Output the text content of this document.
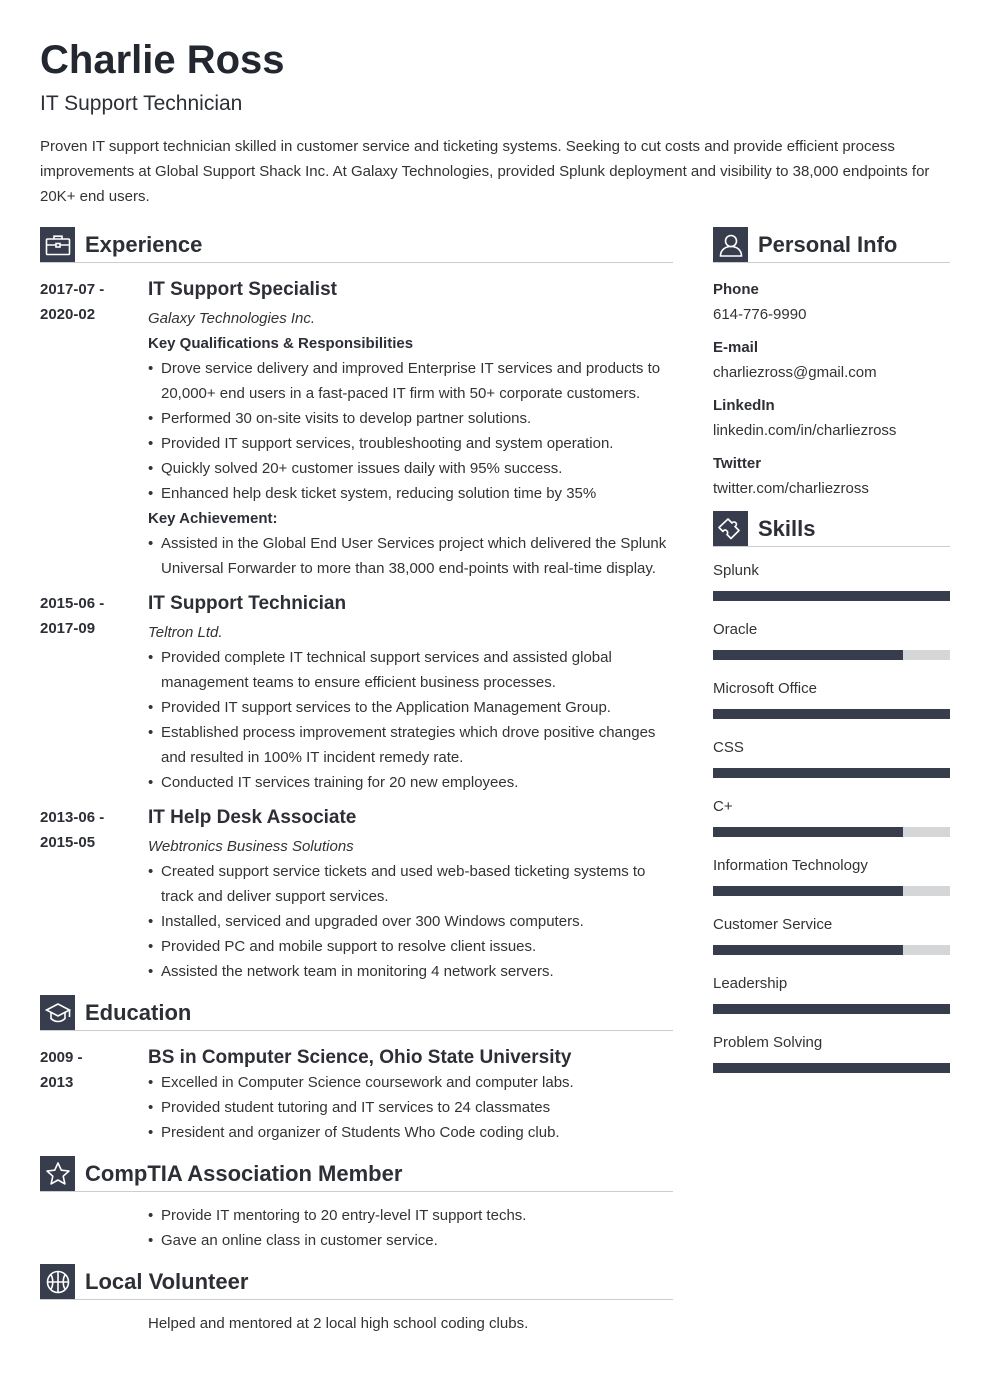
Charlie Ross
IT Support Technician
Proven IT support technician skilled in customer service and ticketing systems. Seeking to cut costs and provide efficient process improvements at Global Support Shack Inc. At Galaxy Technologies, provided Splunk deployment and visibility to 38,000 endpoints for 20K+ end users.
Experience
2017-07 -
2020-02
IT Support Specialist
Galaxy Technologies Inc.
Key Qualifications & Responsibilities
• Drove service delivery and improved Enterprise IT services and products to 20,000+ end users in a fast-paced IT firm with 50+ corporate customers.
• Performed 30 on-site visits to develop partner solutions.
• Provided IT support services, troubleshooting and system operation.
• Quickly solved 20+ customer issues daily with 95% success.
• Enhanced help desk ticket system, reducing solution time by 35%
Key Achievement:
• Assisted in the Global End User Services project which delivered the Splunk Universal Forwarder to more than 38,000 end-points with real-time display.
2015-06 -
2017-09
IT Support Technician
Teltron Ltd.
• Provided complete IT technical support services and assisted global management teams to ensure efficient business processes.
• Provided IT support services to the Application Management Group.
• Established process improvement strategies which drove positive changes and resulted in 100% IT incident remedy rate.
• Conducted IT services training for 20 new employees.
2013-06 -
2015-05
IT Help Desk Associate
Webtronics Business Solutions
• Created support service tickets and used web-based ticketing systems to track and deliver support services.
• Installed, serviced and upgraded over 300 Windows computers.
• Provided PC and mobile support to resolve client issues.
• Assisted the network team in monitoring 4 network servers.
Education
2009 -
2013
BS in Computer Science, Ohio State University
• Excelled in Computer Science coursework and computer labs.
• Provided student tutoring and IT services to 24 classmates
• President and organizer of Students Who Code coding club.
CompTIA Association Member
• Provide IT mentoring to 20 entry-level IT support techs.
• Gave an online class in customer service.
Local Volunteer
Helped and mentored at 2 local high school coding clubs.
Personal Info
Phone
614-776-9990
E-mail
charliezross@gmail.com
LinkedIn
linkedin.com/in/charliezross
Twitter
twitter.com/charliezross
Skills
Splunk
Oracle
Microsoft Office
CSS
C+
Information Technology
Customer Service
Leadership
Problem Solving
